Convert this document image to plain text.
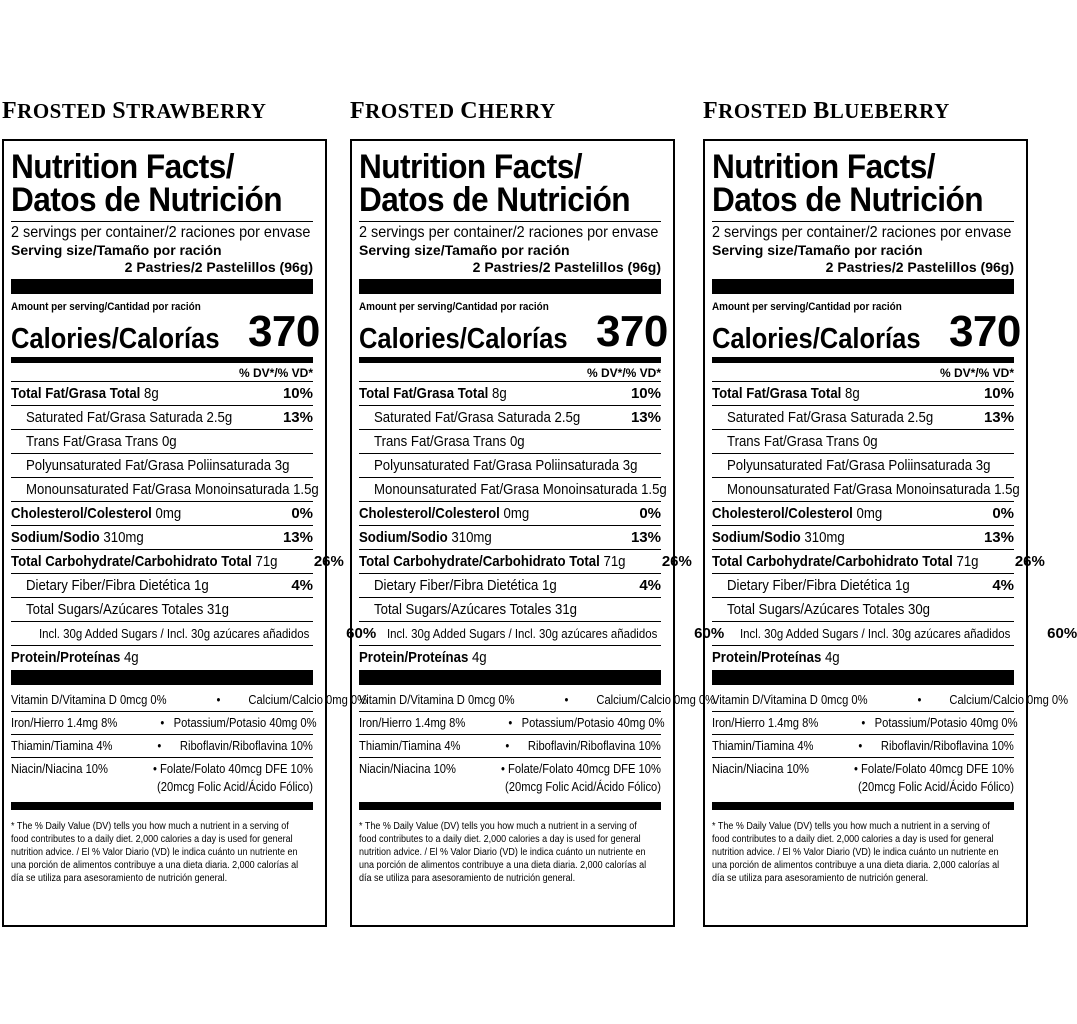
FROSTED STRAWBERRY
Nutrition Facts/
Datos de Nutrición
2 servings per container/2 raciones por envase
Serving size/Tamaño por ración
2 Pastries/2 Pastelillos (96g)
Amount per serving/Cantidad por ración
Calories/Calorías 370
% DV*/% VD*
Total Fat/Grasa Total 8g	10%
Saturated Fat/Grasa Saturada 2.5g	13%
Trans Fat/Grasa Trans 0g
Polyunsaturated Fat/Grasa Poliinsaturada 3g
Monounsaturated Fat/Grasa Monoinsaturada 1.5g
Cholesterol/Colesterol 0mg	0%
Sodium/Sodio 310mg	13%
Total Carbohydrate/Carbohidrato Total 71g 26%
Dietary Fiber/Fibra Dietética 1g	4%
Total Sugars/Azúcares Totales 31g
Incl. 30g Added Sugars / Incl. 30g azúcares añadidos 60%
Protein/Proteínas 4g
Vitamin D/Vitamina D 0mcg 0%	•         Calcium/Calcio 0mg 0%
Iron/Hierro 1.4mg 8%	•   Potassium/Potasio 40mg 0%
Thiamin/Tiamina 4%	•      Riboflavin/Riboflavina 10%
Niacin/Niacina 10%	• Folate/Folato 40mcg DFE 10%
(20mcg Folic Acid/Ácido Fólico)
* The % Daily Value (DV) tells you how much a nutrient in a serving of food contributes to a daily diet. 2,000 calories a day is used for general nutrition advice. / El % Valor Diario (VD) le indica cuánto un nutriente en una porción de alimentos contribuye a una dieta diaria. 2,000 calorías al día se utiliza para asesoramiento de nutrición general.
FROSTED CHERRY
Nutrition Facts/
Datos de Nutrición
2 servings per container/2 raciones por envase
Serving size/Tamaño por ración
2 Pastries/2 Pastelillos (96g)
Amount per serving/Cantidad por ración
Calories/Calorías 370
% DV*/% VD*
Total Fat/Grasa Total 8g	10%
Saturated Fat/Grasa Saturada 2.5g	13%
Trans Fat/Grasa Trans 0g
Polyunsaturated Fat/Grasa Poliinsaturada 3g
Monounsaturated Fat/Grasa Monoinsaturada 1.5g
Cholesterol/Colesterol 0mg	0%
Sodium/Sodio 310mg	13%
Total Carbohydrate/Carbohidrato Total 71g 26%
Dietary Fiber/Fibra Dietética 1g	4%
Total Sugars/Azúcares Totales 31g
Incl. 30g Added Sugars / Incl. 30g azúcares añadidos 60%
Protein/Proteínas 4g
Vitamin D/Vitamina D 0mcg 0%	•         Calcium/Calcio 0mg 0%
Iron/Hierro 1.4mg 8%	•   Potassium/Potasio 40mg 0%
Thiamin/Tiamina 4%	•      Riboflavin/Riboflavina 10%
Niacin/Niacina 10%	• Folate/Folato 40mcg DFE 10%
(20mcg Folic Acid/Ácido Fólico)
* The % Daily Value (DV) tells you how much a nutrient in a serving of food contributes to a daily diet. 2,000 calories a day is used for general nutrition advice. / El % Valor Diario (VD) le indica cuánto un nutriente en una porción de alimentos contribuye a una dieta diaria. 2,000 calorías al día se utiliza para asesoramiento de nutrición general.
FROSTED BLUEBERRY
Nutrition Facts/
Datos de Nutrición
2 servings per container/2 raciones por envase
Serving size/Tamaño por ración
2 Pastries/2 Pastelillos (96g)
Amount per serving/Cantidad por ración
Calories/Calorías 370
% DV*/% VD*
Total Fat/Grasa Total 8g	10%
Saturated Fat/Grasa Saturada 2.5g	13%
Trans Fat/Grasa Trans 0g
Polyunsaturated Fat/Grasa Poliinsaturada 3g
Monounsaturated Fat/Grasa Monoinsaturada 1.5g
Cholesterol/Colesterol 0mg	0%
Sodium/Sodio 310mg	13%
Total Carbohydrate/Carbohidrato Total 71g 26%
Dietary Fiber/Fibra Dietética 1g	4%
Total Sugars/Azúcares Totales 30g
Incl. 30g Added Sugars / Incl. 30g azúcares añadidos 60%
Protein/Proteínas 4g
Vitamin D/Vitamina D 0mcg 0%	•         Calcium/Calcio 0mg 0%
Iron/Hierro 1.4mg 8%	•   Potassium/Potasio 40mg 0%
Thiamin/Tiamina 4%	•      Riboflavin/Riboflavina 10%
Niacin/Niacina 10%	• Folate/Folato 40mcg DFE 10%
(20mcg Folic Acid/Ácido Fólico)
* The % Daily Value (DV) tells you how much a nutrient in a serving of food contributes to a daily diet. 2,000 calories a day is used for general nutrition advice. / El % Valor Diario (VD) le indica cuánto un nutriente en una porción de alimentos contribuye a una dieta diaria. 2,000 calorías al día se utiliza para asesoramiento de nutrición general.
